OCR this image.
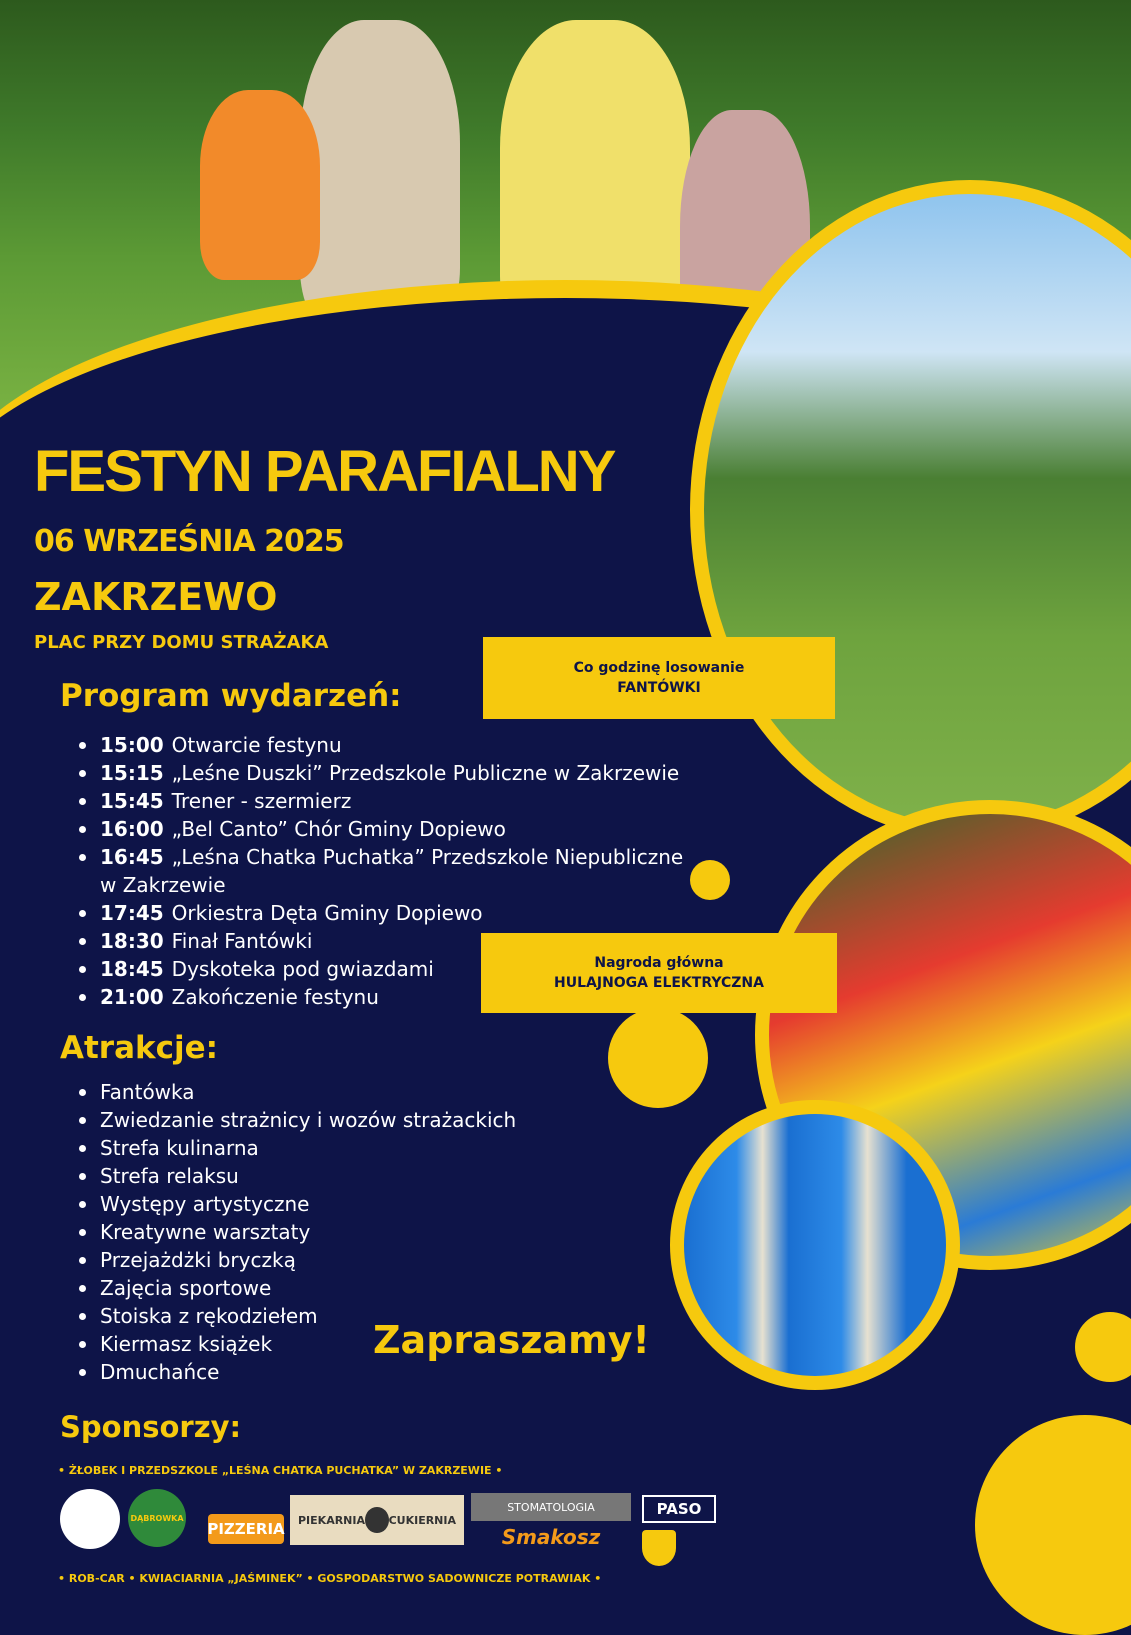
FESTYN PARAFIALNY
06 WRZEŚNIA 2025
ZAKRZEWO
PLAC PRZY DOMU STRAŻAKA
Program wydarzeń:
15:00 Otwarcie festynu
15:15 „Leśne Duszki” Przedszkole Publiczne w Zakrzewie
15:45 Trener - szermierz
16:00 „Bel Canto” Chór Gminy Dopiewo
16:45 „Leśna Chatka Puchatka” Przedszkole Niepubliczne w Zakrzewie
17:45 Orkiestra Dęta Gminy Dopiewo
18:30 Finał Fantówki
18:45 Dyskoteka pod gwiazdami
21:00 Zakończenie festynu
Atrakcje:
Fantówka
Zwiedzanie strażnicy i wozów strażackich
Strefa kulinarna
Strefa relaksu
Występy artystyczne
Kreatywne warsztaty
Przejażdżki bryczką
Zajęcia sportowe
Stoiska z rękodziełem
Kiermasz książek
Dmuchańce
Co godzinę losowanie
FANTÓWKI
Nagroda główna
HULAJNOGA ELEKTRYCZNA
Zapraszamy!
Sponsorzy:
• ŻŁOBEK I PRZEDSZKOLE „LEŚNA CHATKA PUCHATKA” W ZAKRZEWIE •
DĄBROWKA
PIZZERIA PIEKARNIA CUKIERNIA
STOMATOLOGIA
Smakosz
PASO
• ROB-CAR • KWIACIARNIA „JAŚMINEK” • GOSPODARSTWO SADOWNICZE POTRAWIAK •
